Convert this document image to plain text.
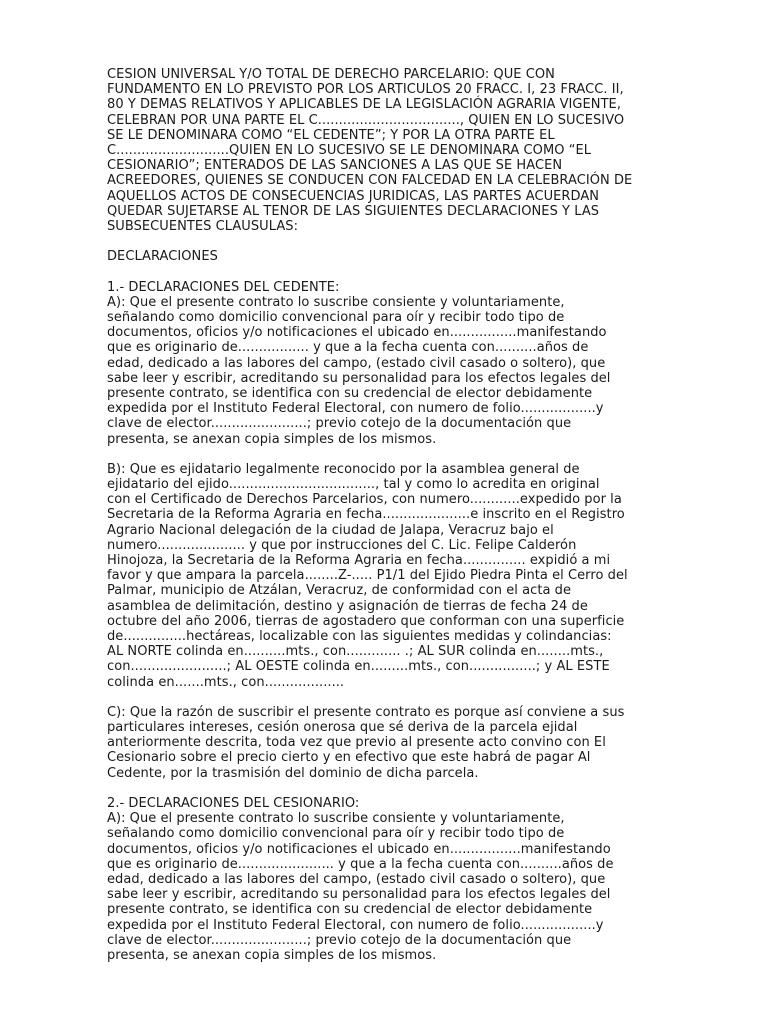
CESION UNIVERSAL Y/O TOTAL DE DERECHO PARCELARIO: QUE CON
FUNDAMENTO EN LO PREVISTO POR LOS ARTICULOS 20 FRACC. I, 23 FRACC. II,
80 Y DEMAS RELATIVOS Y APLICABLES DE LA LEGISLACIÓN AGRARIA VIGENTE,
CELEBRAN POR UNA PARTE EL C.................................., QUIEN EN LO SUCESIVO
SE LE DENOMINARA COMO “EL CEDENTE”; Y POR LA OTRA PARTE EL
C...........................QUIEN EN LO SUCESIVO SE LE DENOMINARA COMO “EL
CESIONARIO”; ENTERADOS DE LAS SANCIONES A LAS QUE SE HACEN
ACREEDORES, QUIENES SE CONDUCEN CON FALCEDAD EN LA CELEBRACIÓN DE
AQUELLOS ACTOS DE CONSECUENCIAS JURIDICAS, LAS PARTES ACUERDAN
QUEDAR SUJETARSE AL TENOR DE LAS SIGUIENTES DECLARACIONES Y LAS
SUBSECUENTES CLAUSULAS:
DECLARACIONES
1.- DECLARACIONES DEL CEDENTE:
A): Que el presente contrato lo suscribe consiente y voluntariamente,
señalando como domicilio convencional para oír y recibir todo tipo de
documentos, oficios y/o notificaciones el ubicado en................manifestando
que es originario de................. y que a la fecha cuenta con..........años de
edad, dedicado a las labores del campo, (estado civil casado o soltero), que
sabe leer y escribir, acreditando su personalidad para los efectos legales del
presente contrato, se identifica con su credencial de elector debidamente
expedida por el Instituto Federal Electoral, con numero de folio..................y
clave de elector.......................; previo cotejo de la documentación que
presenta, se anexan copia simples de los mismos.
B): Que es ejidatario legalmente reconocido por la asamblea general de
ejidatario del ejido..................................., tal y como lo acredita en original
con el Certificado de Derechos Parcelarios, con numero............expedido por la
Secretaria de la Reforma Agraria en fecha.....................e inscrito en el Registro
Agrario Nacional delegación de la ciudad de Jalapa, Veracruz bajo el
numero..................... y que por instrucciones del C. Lic. Felipe Calderón
Hinojoza, la Secretaria de la Reforma Agraria en fecha............... expidió a mi
favor y que ampara la parcela........Z-..... P1/1 del Ejido Piedra Pinta el Cerro del
Palmar, municipio de Atzálan, Veracruz, de conformidad con el acta de
asamblea de delimitación, destino y asignación de tierras de fecha 24 de
octubre del año 2006, tierras de agostadero que conforman con una superficie
de...............hectáreas, localizable con las siguientes medidas y colindancias:
AL NORTE colinda en..........mts., con............. .; AL SUR colinda en........mts.,
con.......................; AL OESTE colinda en.........mts., con................; y AL ESTE
colinda en.......mts., con...................
C): Que la razón de suscribir el presente contrato es porque así conviene a sus
particulares intereses, cesión onerosa que sé deriva de la parcela ejidal
anteriormente descrita, toda vez que previo al presente acto convino con El
Cesionario sobre el precio cierto y en efectivo que este habrá de pagar Al
Cedente, por la trasmisión del dominio de dicha parcela.
2.- DECLARACIONES DEL CESIONARIO:
A): Que el presente contrato lo suscribe consiente y voluntariamente,
señalando como domicilio convencional para oír y recibir todo tipo de
documentos, oficios y/o notificaciones el ubicado en.................manifestando
que es originario de....................... y que a la fecha cuenta con..........años de
edad, dedicado a las labores del campo, (estado civil casado o soltero), que
sabe leer y escribir, acreditando su personalidad para los efectos legales del
presente contrato, se identifica con su credencial de elector debidamente
expedida por el Instituto Federal Electoral, con numero de folio..................y
clave de elector.......................; previo cotejo de la documentación que
presenta, se anexan copia simples de los mismos.
